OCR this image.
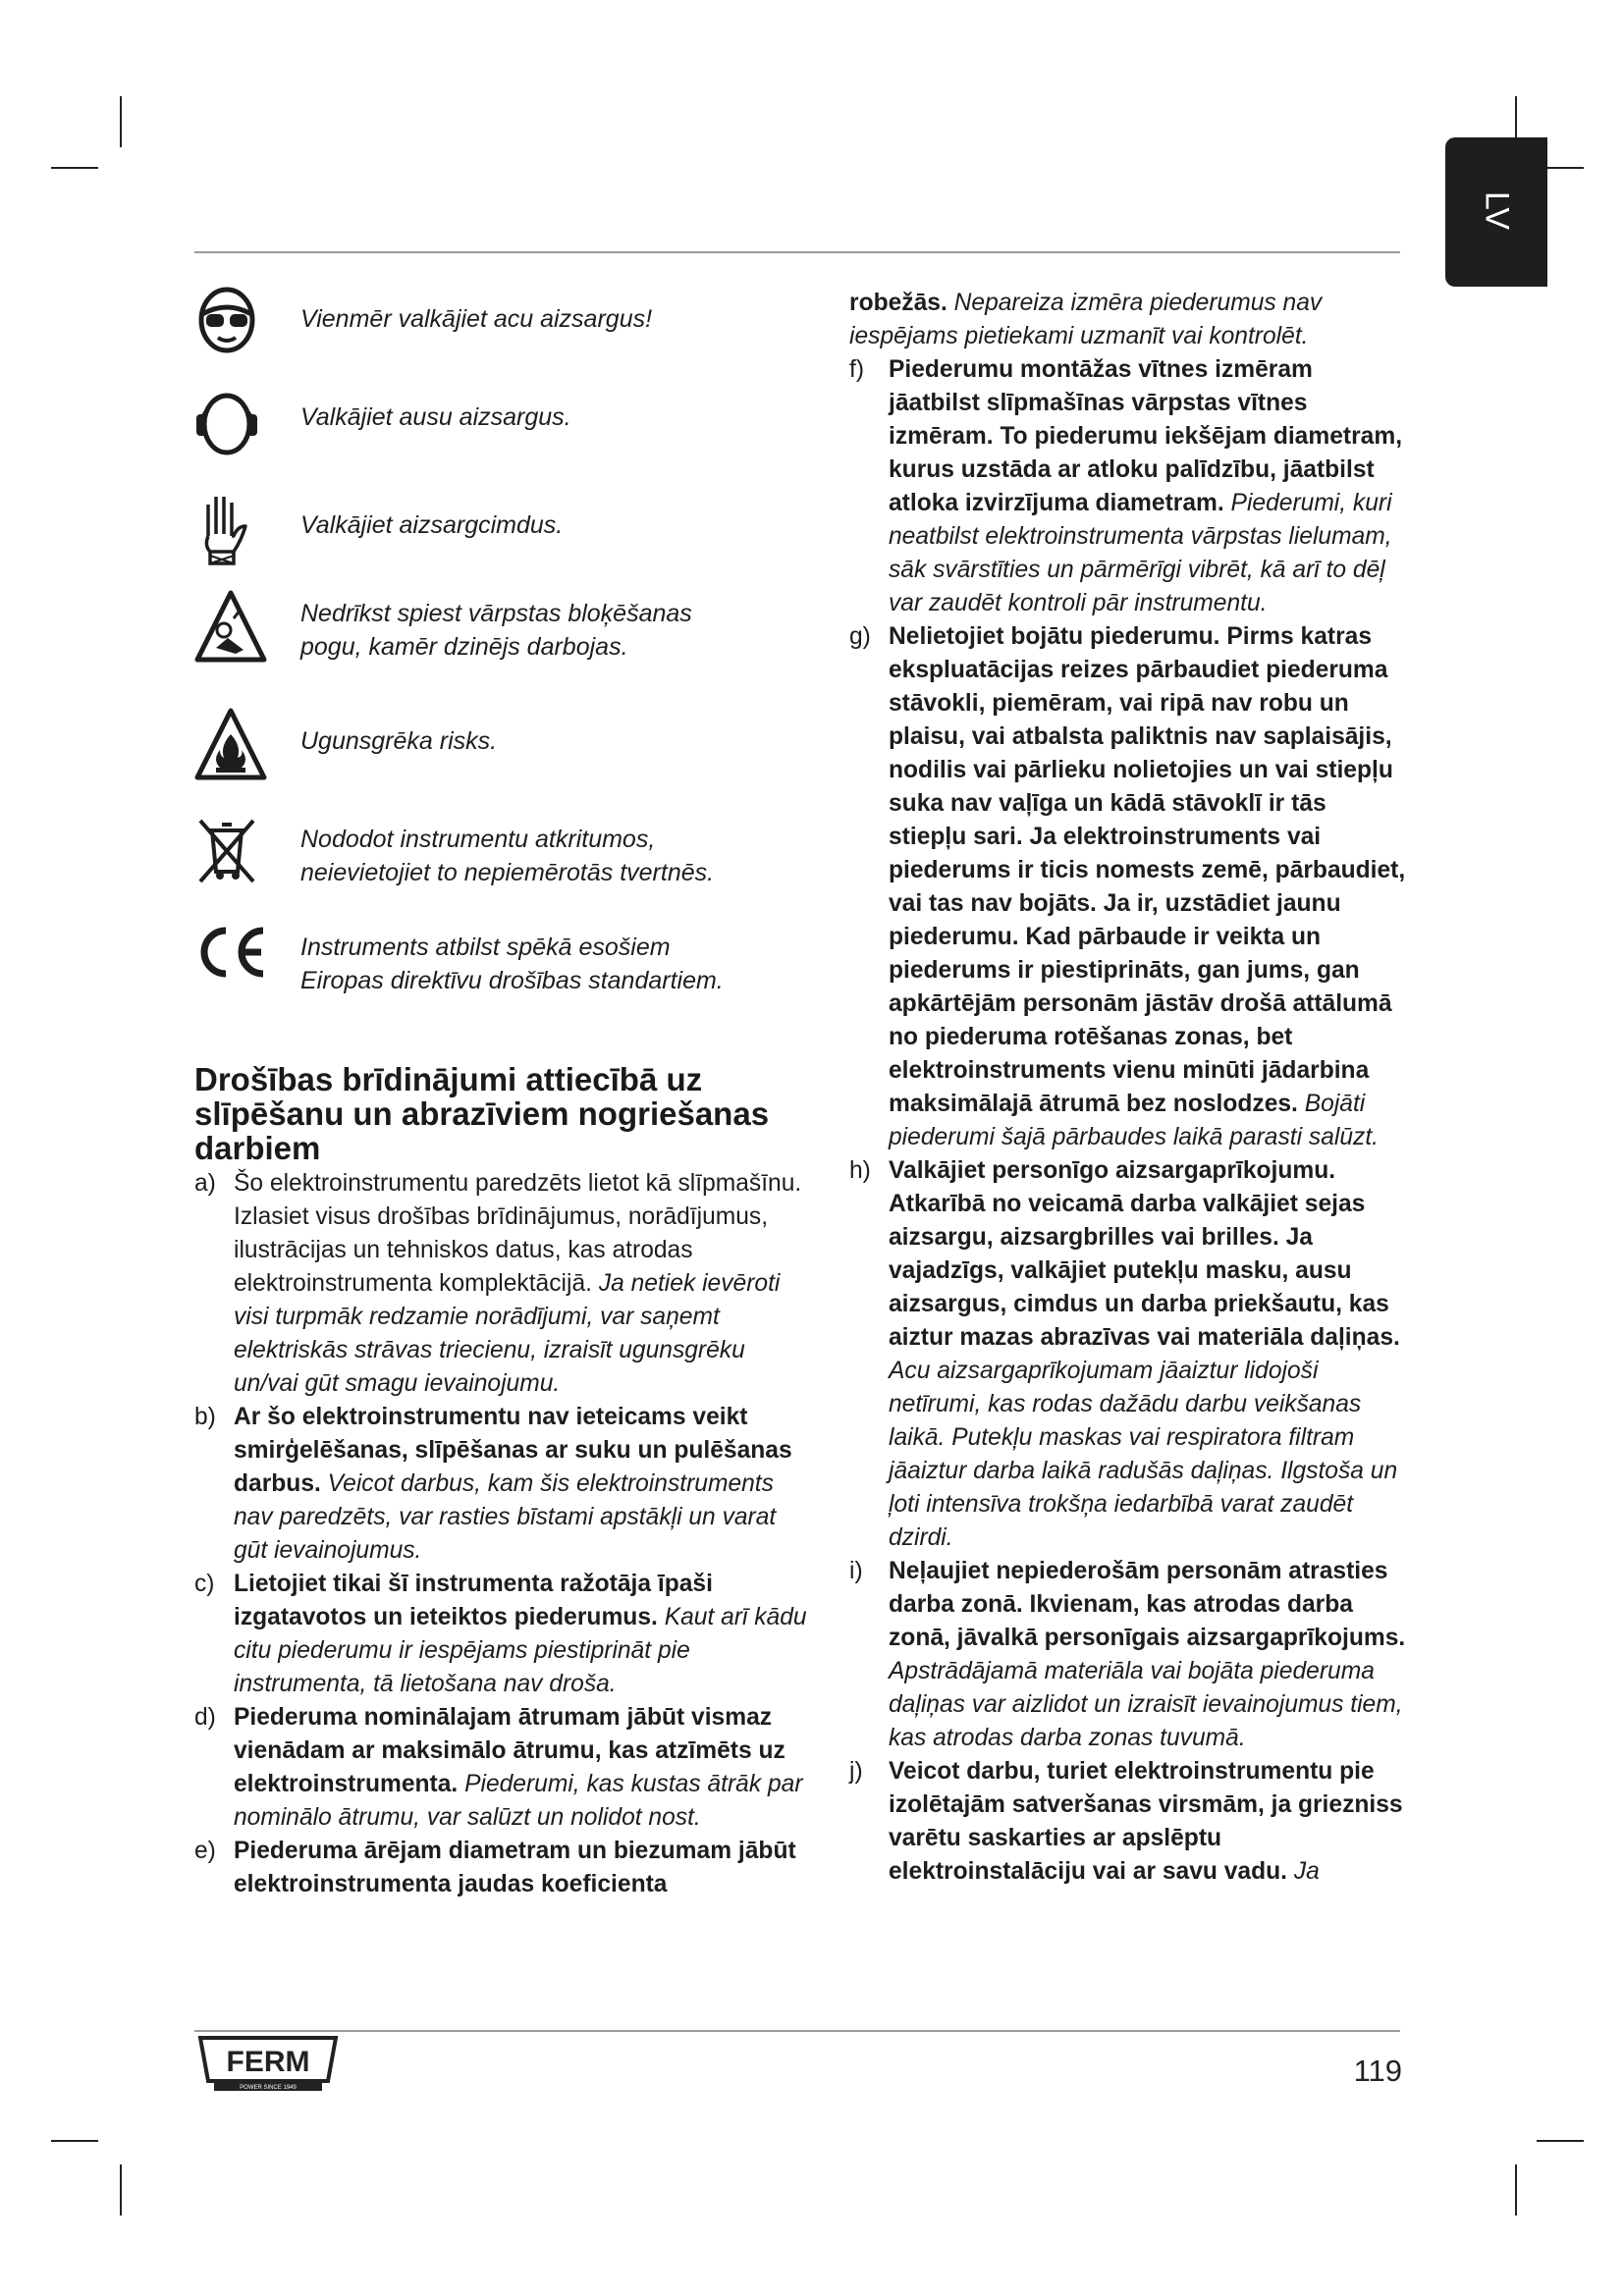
LV
Vienmēr valkājiet acu aizsargus!
Valkājiet ausu aizsargus.
Valkājiet aizsargcimdus.
Nedrīkst spiest vārpstas bloķēšanas
pogu, kamēr dzinējs darbojas.
Ugunsgrēka risks.
Nododot instrumentu atkritumos,
neievietojiet to nepiemērotās tvertnēs.
Instruments atbilst spēkā esošiem
Eiropas direktīvu drošības standartiem.
Drošības brīdinājumi attiecībā uz slīpēšanu un abrazīviem nogriešanas darbiem
a) Šo elektroinstrumentu paredzēts lietot kā slīpmašīnu. Izlasiet visus drošības brīdinājumus, norādījumus, ilustrācijas un tehniskos datus, kas atrodas elektroinstrumenta komplektācijā. Ja netiek ievēroti visi turpmāk redzamie norādījumi, var saņemt elektriskās strāvas triecienu, izraisīt ugunsgrēku un/vai gūt smagu ievainojumu.
b) Ar šo elektroinstrumentu nav ieteicams veikt smirģelēšanas, slīpēšanas ar suku un pulēšanas darbus. Veicot darbus, kam šis elektroinstruments nav paredzēts, var rasties bīstami apstākļi un varat gūt ievainojumus.
c) Lietojiet tikai šī instrumenta ražotāja īpaši izgatavotos un ieteiktos piederumus. Kaut arī kādu citu piederumu ir iespējams piestiprināt pie instrumenta, tā lietošana nav droša.
d) Piederuma nominālajam ātrumam jābūt vismaz vienādam ar maksimālo ātrumu, kas atzīmēts uz elektroinstrumenta. Piederumi, kas kustas ātrāk par nominālo ātrumu, var salūzt un nolidot nost.
e) Piederuma ārējam diametram un biezumam jābūt elektroinstrumenta jaudas koeficienta
robežās. Nepareiza izmēra piederumus nav iespējams pietiekami uzmanīt vai kontrolēt.
f) Piederumu montāžas vītnes izmēram jāatbilst slīpmašīnas vārpstas vītnes izmēram. To piederumu iekšējam diametram, kurus uzstāda ar atloku palīdzību, jāatbilst atloka izvirzījuma diametram. Piederumi, kuri neatbilst elektroinstrumenta vārpstas lielumam, sāk svārstīties un pārmērīgi vibrēt, kā arī to dēļ var zaudēt kontroli pār instrumentu.
g) Nelietojiet bojātu piederumu. Pirms katras ekspluatācijas reizes pārbaudiet piederuma stāvokli, piemēram, vai ripā nav robu un plaisu, vai atbalsta paliktnis nav saplaisājis, nodilis vai pārlieku nolietojies un vai stiepļu suka nav vaļīga un kādā stāvoklī ir tās stiepļu sari. Ja elektroinstruments vai piederums ir ticis nomests zemē, pārbaudiet, vai tas nav bojāts. Ja ir, uzstādiet jaunu piederumu. Kad pārbaude ir veikta un piederums ir piestiprināts, gan jums, gan apkārtējām personām jāstāv drošā attālumā no piederuma rotēšanas zonas, bet elektroinstruments vienu minūti jādarbina maksimālajā ātrumā bez noslodzes. Bojāti piederumi šajā pārbaudes laikā parasti salūzt.
h) Valkājiet personīgo aizsargaprīkojumu. Atkarībā no veicamā darba valkājiet sejas aizsargu, aizsargbrilles vai brilles. Ja vajadzīgs, valkājiet putekļu masku, ausu aizsargus, cimdus un darba priekšautu, kas aiztur mazas abrazīvas vai materiāla daļiņas. Acu aizsargaprīkojumam jāaiztur lidojoši netīrumi, kas rodas dažādu darbu veikšanas laikā. Putekļu maskas vai respiratora filtram jāaiztur darba laikā radušās daļiņas. Ilgstoša un ļoti intensīva trokšņa iedarbībā varat zaudēt dzirdi.
i) Neļaujiet nepiederošām personām atrasties darba zonā. Ikvienam, kas atrodas darba zonā, jāvalkā personīgais aizsargaprīkojums. Apstrādājamā materiāla vai bojāta piederuma daļiņas var aizlidot un izraisīt ievainojumus tiem, kas atrodas darba zonas tuvumā.
j) Veicot darbu, turiet elektroinstrumentu pie izolētajām satveršanas virsmām, ja griezniss varētu saskarties ar apslēptu elektroinstalāciju vai ar savu vadu. Ja
FERM
POWER SINCE 1949	119
